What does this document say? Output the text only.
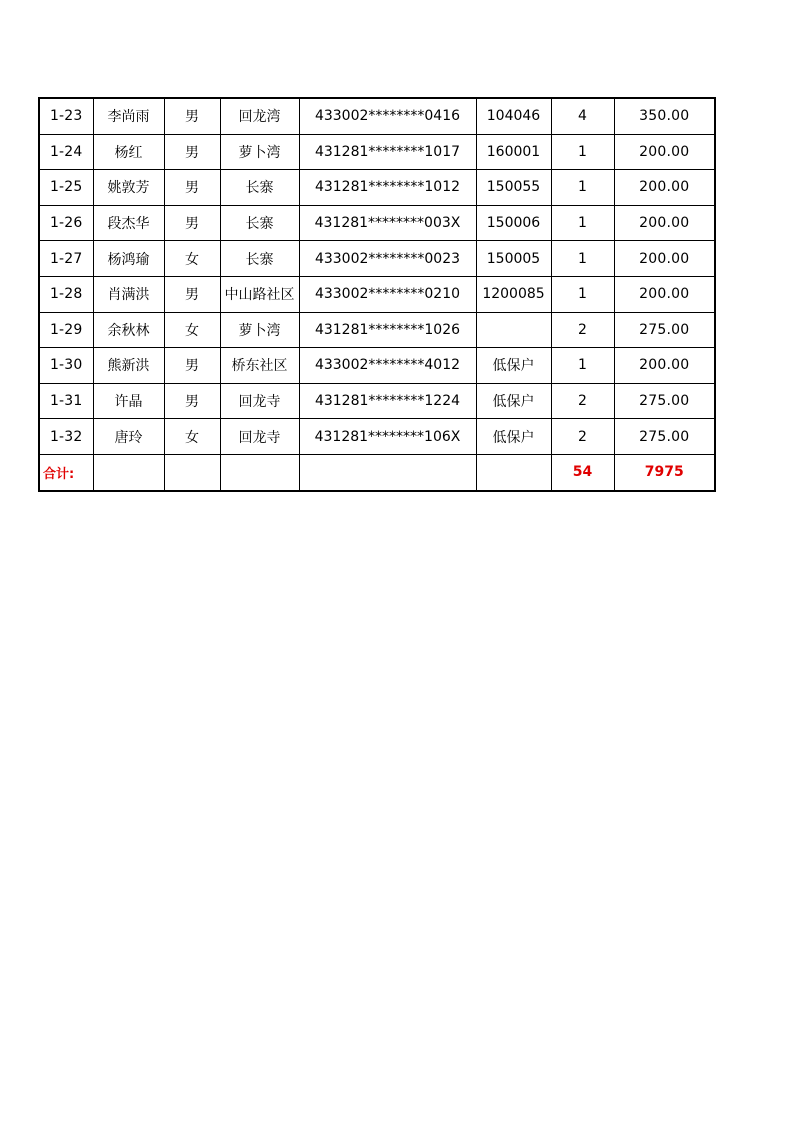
1-23	李尚雨	男	回龙湾	433002********0416	104046	4	350.00
1-24	杨红	男	萝卜湾	431281********1017	160001	1	200.00
1-25	姚敦芳	男	长寨	431281********1012	150055	1	200.00
1-26	段杰华	男	长寨	431281********003X	150006	1	200.00
1-27	杨鸿瑜	女	长寨	433002********0023	150005	1	200.00
1-28	肖满洪	男	中山路社区	433002********0210	1200085	1	200.00
1-29	余秋林	女	萝卜湾	431281********1026		2	275.00
1-30	熊新洪	男	桥东社区	433002********4012	低保户	1	200.00
1-31	许晶	男	回龙寺	431281********1224	低保户	2	275.00
1-32	唐玲	女	回龙寺	431281********106X	低保户	2	275.00
合计:						54	7975
